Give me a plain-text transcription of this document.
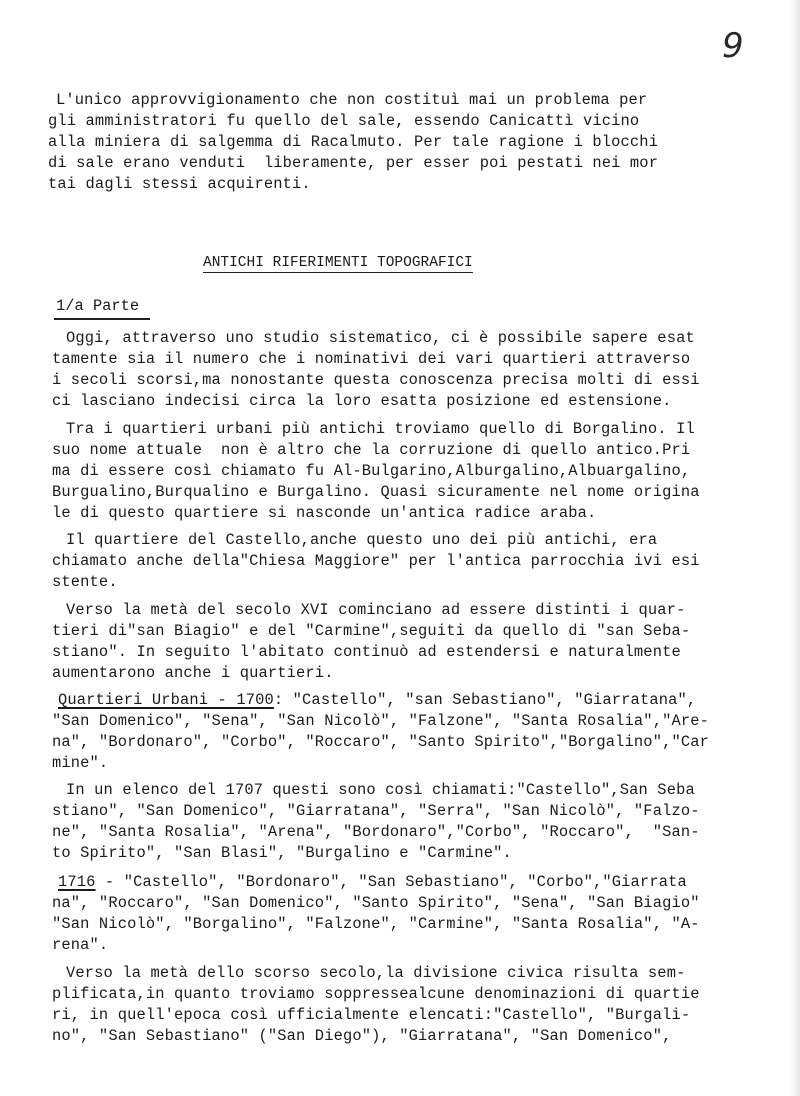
9
L'unico approvvigionamento che non costituì mai un problema per
gli amministratori fu quello del sale, essendo Canicattì vicino
alla miniera di salgemma di Racalmuto. Per tale ragione i blocchi
di sale erano venduti  liberamente, per esser poi pestati nei mor
tai dagli stessi acquirenti.
ANTICHI RIFERIMENTI TOPOGRAFICI
1/a Parte
Oggi, attraverso uno studio sistematico, ci è possibile sapere esat
tamente sia il numero che i nominativi dei vari quartieri attraverso
i secoli scorsi,ma nonostante questa conoscenza precisa molti di essi
ci lasciano indecisi circa la loro esatta posizione ed estensione.
Tra i quartieri urbani più antichi troviamo quello di Borgalino. Il
suo nome attuale  non è altro che la corruzione di quello antico.Pri
ma di essere così chiamato fu Al-Bulgarino,Alburgalino,Albuargalino,
Burgualino,Burqualino e Burgalino. Quasi sicuramente nel nome origina
le di questo quartiere si nasconde un'antica radice araba.
Il quartiere del Castello,anche questo uno dei più antichi, era
chiamato anche della"Chiesa Maggiore" per l'antica parrocchia ivi esi
stente.
Verso la metà del secolo XVI cominciano ad essere distinti i quar-
tieri di"san Biagio" e del "Carmine",seguiti da quello di "san Seba-
stiano". In seguito l'abitato continuò ad estendersi e naturalmente
aumentarono anche i quartieri.
Quartieri Urbani - 1700: "Castello", "san Sebastiano", "Giarratana",
"San Domenico", "Sena", "San Nicolò", "Falzone", "Santa Rosalia","Are-
na", "Bordonaro", "Corbo", "Roccaro", "Santo Spirito","Borgalino","Car
mine".
In un elenco del 1707 questi sono così chiamati:"Castello",San Seba
stiano", "San Domenico", "Giarratana", "Serra", "San Nicolò", "Falzo-
ne", "Santa Rosalia", "Arena", "Bordonaro","Corbo", "Roccaro",  "San-
to Spirito", "San Blasi", "Burgalino e "Carmine".
1716 - "Castello", "Bordonaro", "San Sebastiano", "Corbo","Giarrata
na", "Roccaro", "San Domenico", "Santo Spirito", "Sena", "San Biagio"
"San Nicolò", "Borgalino", "Falzone", "Carmine", "Santa Rosalia", "A-
rena".
Verso la metà dello scorso secolo,la divisione civica risulta sem-
plificata,in quanto troviamo soppressealcune denominazioni di quartie
ri, in quell'epoca così ufficialmente elencati:"Castello", "Burgali-
no", "San Sebastiano" ("San Diego"), "Giarratana", "San Domenico",
